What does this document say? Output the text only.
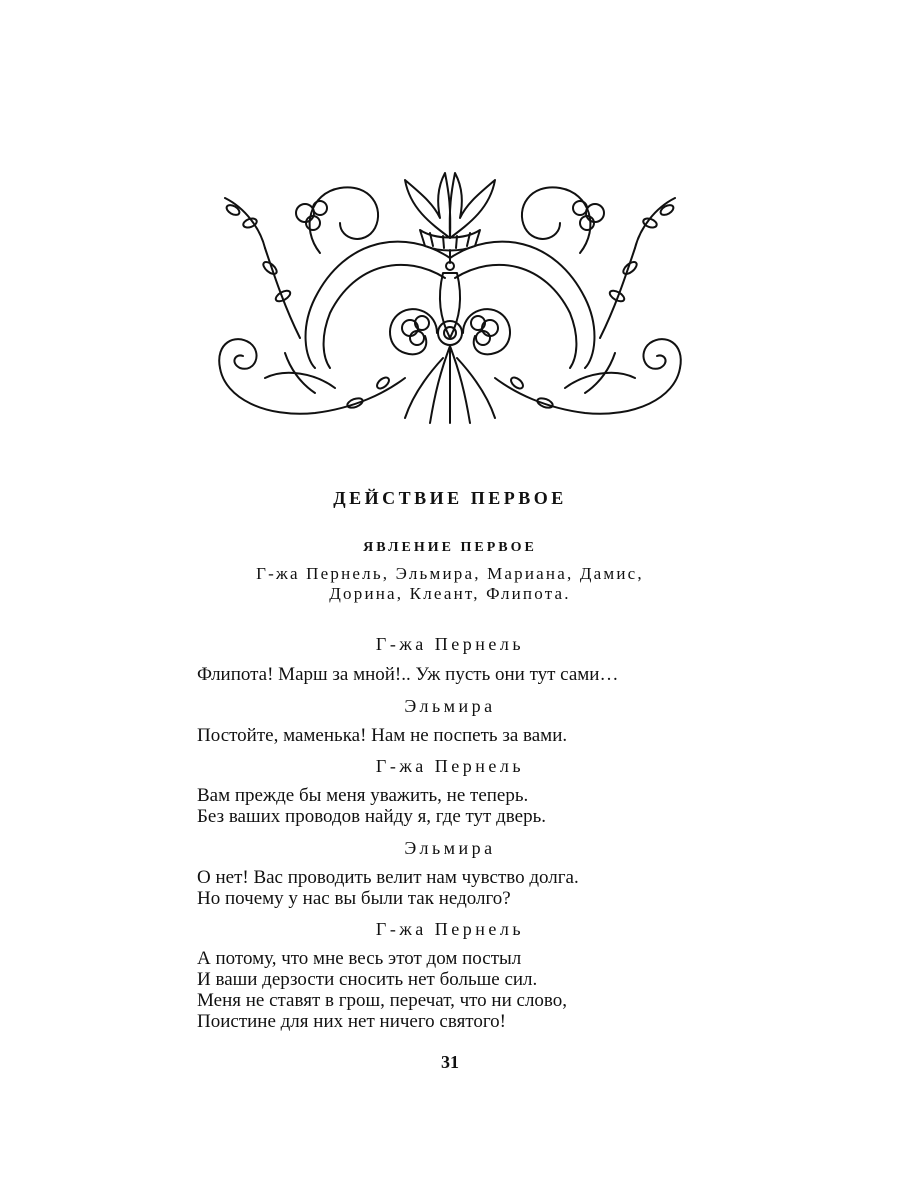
ДЕЙСТВИЕ ПЕРВОЕ
ЯВЛЕНИЕ ПЕРВОЕ
Г-жа Пернель, Эльмира, Мариана, Дамис,
Дорина, Клеант, Флипота.
Г-жа Пернель
Флипота! Марш за мной!.. Уж пусть они тут сами…
Эльмира
Постойте, маменька! Нам не поспеть за вами.
Г-жа Пернель
Вам прежде бы меня уважить, не теперь.
Без ваших проводов найду я, где тут дверь.
Эльмира
О нет! Вас проводить велит нам чувство долга.
Но почему у нас вы были так недолго?
Г-жа Пернель
А потому, что мне весь этот дом постыл
И ваши дерзости сносить нет больше сил.
Меня не ставят в грош, перечат, что ни слово,
Поистине для них нет ничего святого!
31
